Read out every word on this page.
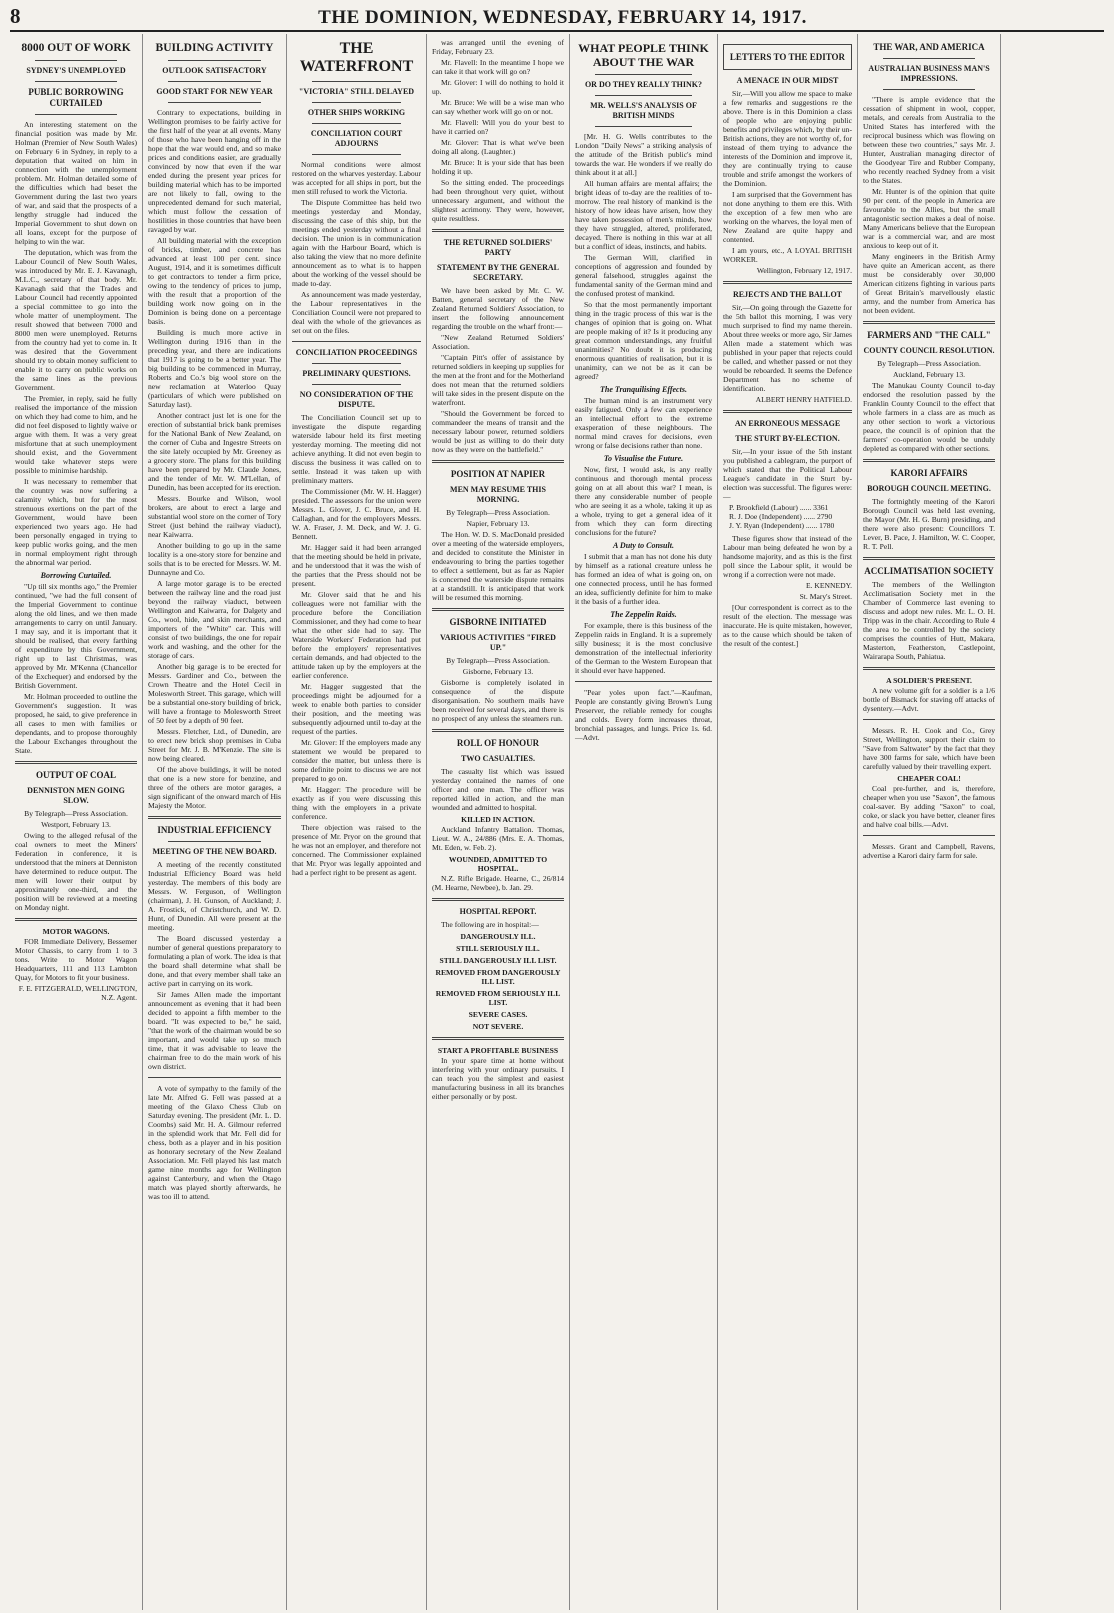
8	THE DOMINION, WEDNESDAY, FEBRUARY 14, 1917.
8000 OUT OF WORK
SYDNEY'S UNEMPLOYED
PUBLIC BORROWING CURTAILED

An interesting statement on the financial position was made by Mr. Holman (Premier of New South Wales) on February 6 in Sydney, in reply to a deputation that waited on him in connection with the unemployment problem. Mr. Holman detailed some of the difficulties which had beset the Government during the last two years of war, and said that the prospects of a lengthy struggle had induced the Imperial Government to shut down on all loans, except for the purpose of helping to win the war.

The deputation, which was from the Labour Council of New South Wales, was introduced by Mr. E. J. Kavanagh, M.L.C., secretary of that body. Mr. Kavanagh said that the Trades and Labour Council had recently appointed a special committee to go into the whole matter of unemployment. The result showed that between 7000 and 8000 men were unemployed. Returns from the country had yet to come in. It was desired that the Government should try to obtain money sufficient to enable it to carry on public works on the same lines as the previous Government.

The Premier, in reply, said he fully realised the importance of the mission on which they had come to him, and he did not feel disposed to lightly waive or argue with them. It was a very great misfortune that at such unemployment should exist, and the Government would take whatever steps were possible to minimise hardship.

It was necessary to remember that the country was now suffering a calamity which, but for the most strenuous exertions on the part of the Government, would have been experienced two years ago. He had been personally engaged in trying to keep public works going, and the men in normal employment right through the abnormal war period.

Borrowing Curtailed.

"Up till six months ago," the Premier continued, "we had the full consent of the Imperial Government to continue along the old lines, and we then made arrangements to carry on until January. I may say, and it is important that it should be realised, that every farthing of expenditure by this Government, right up to last Christmas, was approved by Mr. M'Kenna (Chancellor of the Exchequer) and endorsed by the British Government.

Mr. Holman proceeded to outline the Government's suggestion. It was proposed, he said, to give preference in all cases to men with families or dependants, and to propose thoroughly the Labour Exchanges throughout the State.

OUTPUT OF COAL
DENNISTON MEN GOING SLOW.
By Telegraph—Press Association.
Westport, February 13.

Owing to the alleged refusal of the coal owners to meet the Miners' Federation in conference, it is understood that the miners at Denniston have determined to reduce output. The men will lower their output by approximately one-third, and the position will be reviewed at a meeting on Monday night.

MOTOR WAGONS.

FOR Immediate Delivery, Bessemer Motor Chassis, to carry from 1 to 3 tons. Write to Motor Wagon Headquarters, 111 and 113 Lambton Quay, for Motors to fit your business.

F. E. FITZGERALD, WELLINGTON, N.Z. Agent.
BUILDING ACTIVITY
OUTLOOK SATISFACTORY
GOOD START FOR NEW YEAR

Contrary to expectations, building in Wellington promises to be fairly active for the first half of the year at all events. Many of those who have been hanging off in the hope that the war would end, and so make prices and conditions easier, are gradually convinced by now that even if the war ended during the present year prices for building material which has to be imported are not likely to fall, owing to the unprecedented demand for such material, which must follow the cessation of hostilities in those countries that have been ravaged by war.

All building material with the exception of bricks, timber, and concrete has advanced at least 100 per cent. since August, 1914, and it is sometimes difficult to get contractors to tender a firm price, owing to the tendency of prices to jump, with the result that a proportion of the building work now going on in the Dominion is being done on a percentage basis.

Building is much more active in Wellington during 1916 than in the preceding year, and there are indications that 1917 is going to be a better year. The big building to be commenced in Murray, Roberts and Co.'s big wool store on the new reclamation at Waterloo Quay (particulars of which were published on Saturday last).

Another contract just let is one for the erection of substantial brick bank premises for the National Bank of New Zealand, on the corner of Cuba and Ingestre Streets on the site lately occupied by Mr. Greeney as a grocery store. The plans for this building have been prepared by Mr. Claude Jones, and the tender of Mr. W. M'Lellan, of Dunedin, has been accepted for its erection.

Messrs. Bourke and Wilson, wool brokers, are about to erect a large and substantial wool store on the corner of Tory Street (just behind the railway viaduct), near Kaiwarra.

Another building to go up in the same locality is a one-story store for benzine and soils that is to be erected for Messrs. W. M. Dunnayne and Co.

A large motor garage is to be erected between the railway line and the road just beyond the railway viaduct, between Wellington and Kaiwarra, for Dalgety and Co., wool, hide, and skin merchants, and importers of the "White" car. This will consist of two buildings, the one for repair work and washing, and the other for the storage of cars.

Another big garage is to be erected for Messrs. Gardiner and Co., between the Crown Theatre and the Hotel Cecil in Molesworth Street. This garage, which will be a substantial one-story building of brick, will have a frontage to Molesworth Street of 50 feet by a depth of 90 feet.

Messrs. Fletcher, Ltd., of Dunedin, are to erect new brick shop premises in Cuba Street for Mr. J. B. M'Kenzie. The site is now being cleared.

Of the above buildings, it will be noted that one is a new store for benzine, and three of the others are motor garages, a sign significant of the onward march of His Majesty the Motor.

INDUSTRIAL EFFICIENCY
MEETING OF THE NEW BOARD.

A meeting of the recently constituted Industrial Efficiency Board was held yesterday. The members of this body are Messrs. W. Ferguson, of Wellington (chairman), J. H. Gunson, of Auckland; J. A. Frostick, of Christchurch, and W. D. Hunt, of Dunedin. All were present at the meeting.

The Board discussed yesterday a number of general questions preparatory to formulating a plan of work. The idea is that the board shall determine what shall be done, and that every member shall take an active part in carrying on its work.

Sir James Allen made the important announcement as evening that it had been decided to appoint a fifth member to the board. "It was expected to be," he said, "that the work of the chairman would be so important, and would take up so much time, that it was advisable to leave the chairman free to do the main work of his own district.

A vote of sympathy to the family of the late Mr. Alfred G. Fell was passed at a meeting of the Glaxo Chess Club on Saturday evening. The president (Mr. L. D. Coombs) said Mr. H. A. Gilmour referred in the splendid work that Mr. Fell did for chess, both as a player and in his position as honorary secretary of the New Zealand Association. Mr. Fell played his last match game nine months ago for Wellington against Canterbury, and when the Otago match was played shortly afterwards, he was too ill to attend.

THE WATERFRONT
"VICTORIA" STILL DELAYED
OTHER SHIPS WORKING
CONCILIATION COURT ADJOURNS

Normal conditions were almost restored on the wharves yesterday. Labour was accepted for all ships in port, but the men still refused to work the Victoria.

The Dispute Committee has held two meetings yesterday and Monday, discussing the case of this ship, but the meetings ended yesterday without a final decision. The union is in communication again with the Harbour Board, which is also taking the view that no more definite announcement as to what is to happen about the working of the vessel should be made to-day.

As announcement was made yesterday, the Labour representatives in the Conciliation Council were not prepared to deal with the whole of the grievances as set out on the files.

CONCILIATION PROCEEDINGS
PRELIMINARY QUESTIONS.
NO CONSIDERATION OF THE DISPUTE.

The Conciliation Council set up to investigate the dispute regarding waterside labour held its first meeting yesterday morning. The meeting did not achieve anything. It did not even begin to discuss the business it was called on to settle. Instead it was taken up with preliminary matters.

The Commissioner (Mr. W. H. Hagger) presided. The assessors for the union were Messrs. L. Glover, J. C. Bruce, and H. Callaghan, and for the employers Messrs. W. A. Fraser, J. M. Deck, and W. J. G. Bennett.

Mr. Hagger said it had been arranged that the meeting should be held in private, and he understood that it was the wish of the parties that the Press should not be present.

Mr. Glover said that he and his colleagues were not familiar with the procedure before the Conciliation Commissioner, and they had come to hear what the other side had to say. The Waterside Workers' Federation had put before the employers' representatives certain demands, and had objected to the attitude taken up by the employers at the earlier conference.

Mr. Hagger suggested that the proceedings might be adjourned for a week to enable both parties to consider their position, and the meeting was subsequently adjourned until to-day at the request of the parties.

Mr. Glover: If the employers made any statement we would be prepared to consider the matter, but unless there is some definite point to discuss we are not prepared to go on.

Mr. Hagger: The procedure will be exactly as if you were discussing this thing with the employers in a private conference.

There objection was raised to the presence of Mr. Pryor on the ground that he was not an employer, and therefore not concerned. The Commissioner explained that Mr. Pryor was legally appointed and had a perfect right to be present as agent.

was arranged until the evening of Friday, February 23.

Mr. Flavell: In the meantime I hope we can take it that work will go on?

Mr. Glover: I will do nothing to hold it up.

Mr. Bruce: We will be a wise man who can say whether work will go on or not.

Mr. Flavell: Will you do your best to have it carried on?

Mr. Glover: That is what we've been doing all along. (Laughter.)

Mr. Bruce: It is your side that has been holding it up.

So the sitting ended. The proceedings had been throughout very quiet, without unnecessary argument, and without the slightest acrimony. They were, however, quite resultless.

THE RETURNED SOLDIERS' PARTY
STATEMENT BY THE GENERAL SECRETARY.

We have been asked by Mr. C. W. Batten, general secretary of the New Zealand Returned Soldiers' Association, to insert the following announcement regarding the trouble on the wharf front:—

"New Zealand Returned Soldiers' Association.

"Captain Pitt's offer of assistance by returned soldiers in keeping up supplies for the men at the front and for the Motherland does not mean that the returned soldiers will take sides in the present dispute on the waterfront.

"Should the Government be forced to commandeer the means of transit and the necessary labour power, returned soldiers would be just as willing to do their duty now as they were on the battlefield."

POSITION AT NAPIER
MEN MAY RESUME THIS MORNING.
By Telegraph—Press Association.
Napier, February 13.

The Hon. W. D. S. MacDonald presided over a meeting of the waterside employers, and decided to constitute the Minister in endeavouring to bring the parties together to effect a settlement, but as far as Napier is concerned the waterside dispute remains at a standstill. It is anticipated that work will be resumed this morning.

GISBORNE INITIATED
VARIOUS ACTIVITIES "FIRED UP."
By Telegraph—Press Association.
Gisborne, February 13.

Gisborne is completely isolated in consequence of the dispute disorganisation. No southern mails have been received for several days, and there is no prospect of any unless the steamers run.

ROLL OF HONOUR
TWO CASUALTIES.

The casualty list which was issued yesterday contained the names of one officer and one man. The officer was reported killed in action, and the man wounded and admitted to hospital.

KILLED IN ACTION.

Auckland Infantry Battalion. Thomas, Lieut. W. A., 24/886 (Mrs. E. A. Thomas, Mt. Eden, w. Feb. 2).

WOUNDED, ADMITTED TO HOSPITAL.

N.Z. Rifle Brigade. Hearne, C., 26/814 (M. Hearne, Newbee), b. Jan. 29.

HOSPITAL REPORT.

The following are in hospital:—

DANGEROUSLY ILL.
STILL SERIOUSLY ILL.
STILL DANGEROUSLY ILL LIST.
REMOVED FROM DANGEROUSLY ILL LIST.
REMOVED FROM SERIOUSLY ILL LIST.
SEVERE CASES.
NOT SEVERE.
START A PROFITABLE BUSINESS

In your spare time at home without interfering with your ordinary pursuits. I can teach you the simplest and easiest manufacturing business in all its branches either personally or by post.

WHAT PEOPLE THINK ABOUT THE WAR
OR DO THEY REALLY THINK?
MR. WELLS'S ANALYSIS OF BRITISH MINDS

[Mr. H. G. Wells contributes to the London "Daily News" a striking analysis of the attitude of the British public's mind towards the war. He wonders if we really do think about it at all.]

All human affairs are mental affairs; the bright ideas of to-day are the realities of to-morrow. The real history of mankind is the history of how ideas have arisen, how they have taken possession of men's minds, how they have struggled, altered, proliferated, decayed. There is nothing in this war at all but a conflict of ideas, instincts, and habits.

The German Will, clarified in conceptions of aggression and founded by general falsehood, struggles against the fundamental sanity of the German mind and the confused protest of mankind.

So that the most permanently important thing in the tragic process of this war is the changes of opinion that is going on. What are people making of it? Is it producing any great common understandings, any fruitful unanimities? No doubt it is producing enormous quantities of realisation, but it is unanimity, can we not be as it can be agreed?

The Tranquilising Effects.

The human mind is an instrument very easily fatigued. Only a few can experience an intellectual effort to the extreme exasperation of these neighbours. The normal mind craves for decisions, even wrong or false decisions rather than none.

To Visualise the Future.

Now, first, I would ask, is any really continuous and thorough mental process going on at all about this war? I mean, is there any considerable number of people who are seeing it as a whole, taking it up as a whole, trying to get a general idea of it from which they can form directing conclusions for the future?

A Duty to Consult.

I submit that a man has not done his duty by himself as a rational creature unless he has formed an idea of what is going on, on one connected process, until he has formed an idea, sufficiently definite for him to make it the basis of a further idea.

The Zeppelin Raids.

For example, there is this business of the Zeppelin raids in England. It is a supremely silly business; it is the most conclusive demonstration of the intellectual inferiority of the German to the Western European that it should ever have happened.

"Pear yoles upon fact."—Kaufman, People are constantly giving Brown's Lung Preserver, the reliable remedy for coughs and colds. Every form increases throat, bronchial passages, and lungs. Price 1s. 6d.—Advt.

LETTERS TO THE EDITOR
A MENACE IN OUR MIDST

Sir,—Will you allow me space to make a few remarks and suggestions re the above. There is in this Dominion a class of people who are enjoying public benefits and privileges which, by their un-British actions, they are not worthy of, for instead of them trying to advance the interests of the Dominion and improve it, they are continually trying to cause trouble and strife amongst the workers of the Dominion.

I am surprised that the Government has not done anything to them ere this. With the exception of a few men who are working on the wharves, the loyal men of New Zealand are quite happy and contented.

I am yours, etc., A LOYAL BRITISH WORKER.

Wellington, February 12, 1917.
REJECTS AND THE BALLOT

Sir,—On going through the Gazette for the 5th ballot this morning, I was very much surprised to find my name therein. About three weeks or more ago, Sir James Allen made a statement which was published in your paper that rejects could be called, and whether passed or not they would be reboarded. It seems the Defence Department has no scheme of identification.

ALBERT HENRY HATFIELD.
AN ERRONEOUS MESSAGE
THE STURT BY-ELECTION.

Sir,—In your issue of the 5th instant you published a cablegram, the purport of which stated that the Political Labour League's candidate in the Sturt by-election was successful. The figures were:—

P. Brookfield (Labour) ...... 3361
R. J. Doe (Independent) ...... 2790
J. Y. Ryan (Independent) ...... 1780

These figures show that instead of the Labour man being defeated he won by a handsome majority, and as this is the first poll since the Labour split, it would be wrong if a correction were not made.

E. KENNEDY.
St. Mary's Street.

[Our correspondent is correct as to the result of the election. The message was inaccurate. He is quite mistaken, however, as to the cause which should be taken of the result of the contest.]

THE WAR, AND AMERICA
AUSTRALIAN BUSINESS MAN'S IMPRESSIONS.

"There is ample evidence that the cessation of shipment in wool, copper, metals, and cereals from Australia to the United States has interfered with the reciprocal business which was flowing on between these two countries," says Mr. J. Hunter, Australian managing director of the Goodyear Tire and Rubber Company, who recently reached Sydney from a visit to the States.

Mr. Hunter is of the opinion that quite 90 per cent. of the people in America are favourable to the Allies, but the small antagonistic section makes a deal of noise. Many Americans believe that the European war is a commercial war, and are most anxious to keep out of it.

Many engineers in the British Army have quite an American accent, as there must be considerably over 30,000 American citizens fighting in various parts of Great Britain's marvellously elastic army, and the number from America has not been evident.

FARMERS AND "THE CALL"
COUNTY COUNCIL RESOLUTION.
By Telegraph—Press Association.
Auckland, February 13.

The Manukau County Council to-day endorsed the resolution passed by the Franklin County Council to the effect that whole farmers in a class are as much as any other section to work a victorious peace, the council is of opinion that the farmers' co-operation would be unduly depleted as compared with other sections.

KARORI AFFAIRS
BOROUGH COUNCIL MEETING.

The fortnightly meeting of the Karori Borough Council was held last evening, the Mayor (Mr. H. G. Burn) presiding, and there were also present: Councillors T. Lever, B. Pace, J. Hamilton, W. C. Cooper, R. T. Pell.

ACCLIMATISATION SOCIETY

The members of the Wellington Acclimatisation Society met in the Chamber of Commerce last evening to discuss and adopt new rules. Mr. L. O. H. Tripp was in the chair. According to Rule 4 the area to be controlled by the society comprises the counties of Hutt, Makara, Masterton, Featherston, Castlepoint, Wairarapa South, Pahiatua.

A SOLDIER'S PRESENT.

A new volume gift for a soldier is a 1/6 bottle of Bismack for staving off attacks of dysentery.—Advt.

Messrs. R. H. Cook and Co., Grey Street, Wellington, support their claim to "Save from Saltwater" by the fact that they have 300 farms for sale, which have been carefully valued by their travelling expert.

CHEAPER COAL!

Coal pre-further, and is, therefore, cheaper when you use "Saxon", the famous coal-saver. By adding "Saxon" to coal, coke, or slack you have better, cleaner fires and halve coal bills.—Advt.

Messrs. Grant and Campbell, Ravens, advertise a Karori dairy farm for sale.
